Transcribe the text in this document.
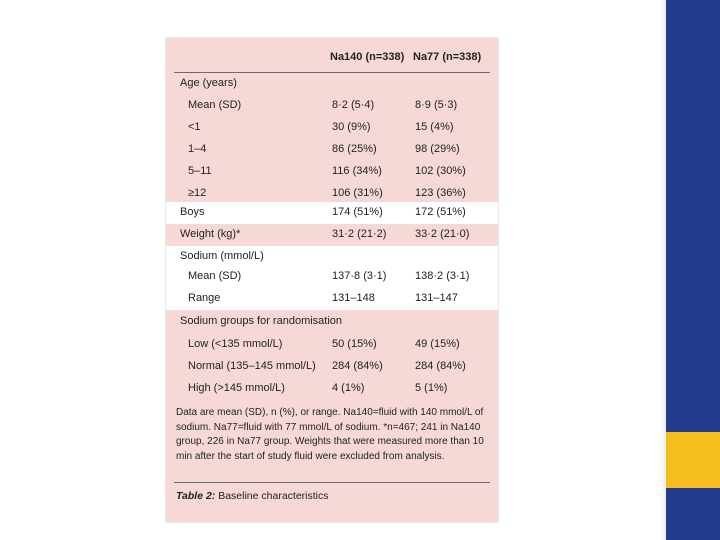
Na140 (n=338) Na77 (n=338)
Age (years)
Mean (SD)	8·2 (5·4)	8·9 (5·3)
<1	30 (9%)	15 (4%)
1–4	86 (25%)	98 (29%)
5–11	116 (34%)	102 (30%)
≥12	106 (31%)	123 (36%)
Boys	174 (51%)	172 (51%)
Weight (kg)*	31·2 (21·2)	33·2 (21·0)
Sodium (mmol/L)
Mean (SD)	137·8 (3·1)	138·2 (3·1)
Range	131–148	131–147
Sodium groups for randomisation
Low (<135 mmol/L)	50 (15%)	49 (15%)
Normal (135–145 mmol/L) 284 (84%)	284 (84%)
High (>145 mmol/L)	4 (1%)	5 (1%)
Data are mean (SD), n (%), or range. Na140=fluid with 140 mmol/L of sodium. Na77=fluid with 77 mmol/L of sodium. *n=467; 241 in Na140 group, 226 in Na77 group. Weights that were measured more than 10 min after the start of study fluid were excluded from analysis.
Table 2: Baseline characteristics
